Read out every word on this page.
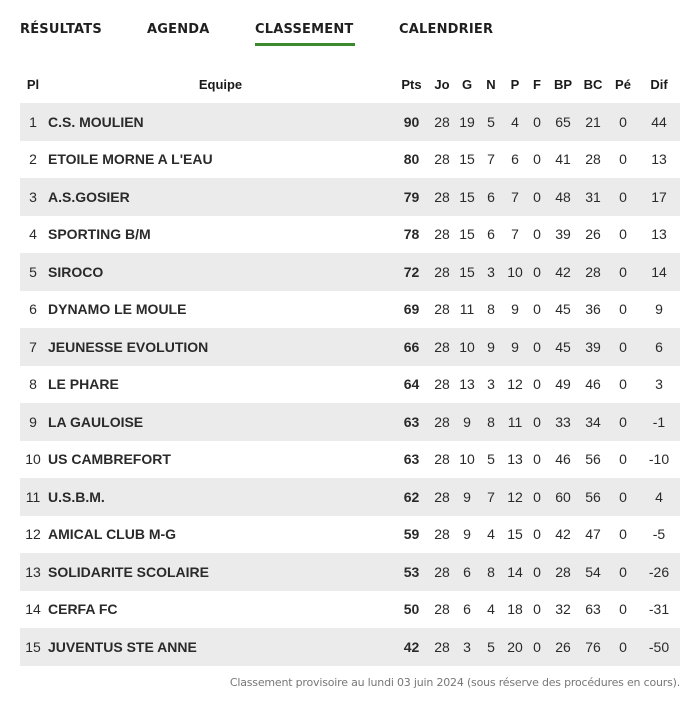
RÉSULTATS	AGENDA	CLASSEMENT	CALENDRIER
Pl	Equipe	Pts	Jo	G	N	P	F	BP	BC	Pé	Dif
1	C.S. MOULIEN	90	28	19	5	4	0	65	21	0	44
2	ETOILE MORNE A L'EAU	80	28	15	7	6	0	41	28	0	13
3	A.S.GOSIER	79	28	15	6	7	0	48	31	0	17
4	SPORTING B/M	78	28	15	6	7	0	39	26	0	13
5	SIROCO	72	28	15	3	10	0	42	28	0	14
6	DYNAMO LE MOULE	69	28	11	8	9	0	45	36	0	9
7	JEUNESSE EVOLUTION	66	28	10	9	9	0	45	39	0	6
8	LE PHARE	64	28	13	3	12	0	49	46	0	3
9	LA GAULOISE	63	28	9	8	11	0	33	34	0	-1
10	US CAMBREFORT	63	28	10	5	13	0	46	56	0	-10
11	U.S.B.M.	62	28	9	7	12	0	60	56	0	4
12	AMICAL CLUB M-G	59	28	9	4	15	0	42	47	0	-5
13	SOLIDARITE SCOLAIRE	53	28	6	8	14	0	28	54	0	-26
14	CERFA FC	50	28	6	4	18	0	32	63	0	-31
15	JUVENTUS STE ANNE	42	28	3	5	20	0	26	76	0	-50
Classement provisoire au lundi 03 juin 2024 (sous réserve des procédures en cours).
